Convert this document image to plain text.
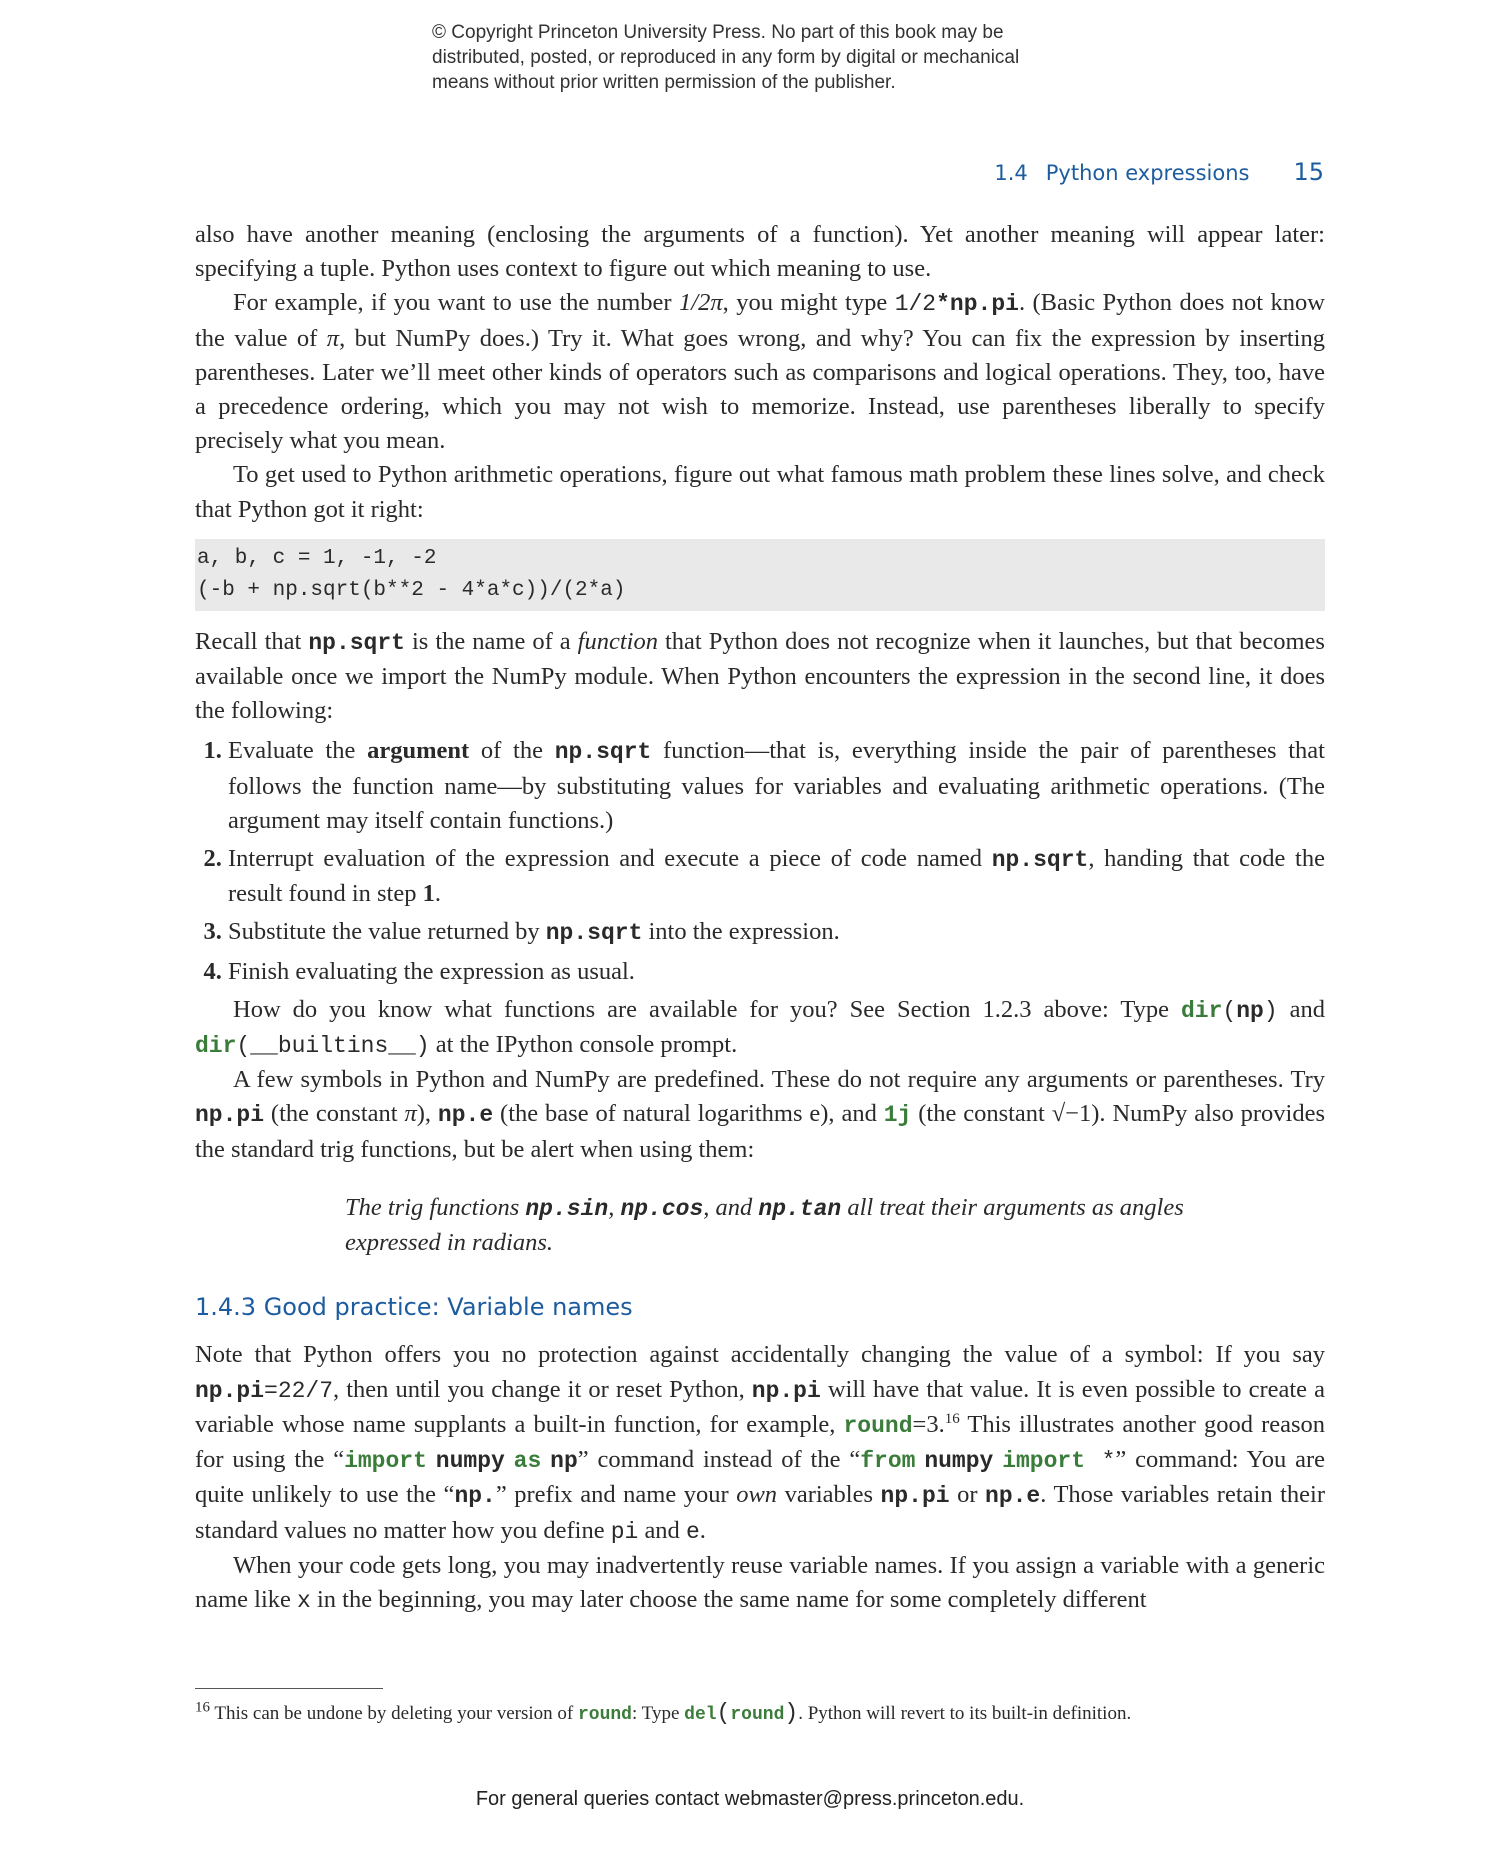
© Copyright Princeton University Press. No part of this book may be
distributed, posted, or reproduced in any form by digital or mechanical
means without prior written permission of the publisher.
1.4 Python expressions 15

also have another meaning (enclosing the arguments of a function). Yet another meaning will appear later: specifying a tuple. Python uses context to figure out which meaning to use.

For example, if you want to use the number 1/2π, you might type 1/2*np.pi. (Basic Python does not know the value of π, but NumPy does.) Try it. What goes wrong, and why? You can fix the expression by inserting parentheses. Later we’ll meet other kinds of operators such as comparisons and logical operations. They, too, have a precedence ordering, which you may not wish to memorize. Instead, use parentheses liberally to specify precisely what you mean.

To get used to Python arithmetic operations, figure out what famous math problem these lines solve, and check that Python got it right:

a, b, c = 1, -1, -2
(-b + np.sqrt(b**2 - 4*a*c))/(2*a)

Recall that np.sqrt is the name of a function that Python does not recognize when it launches, but that becomes available once we import the NumPy module. When Python encounters the expression in the second line, it does the following:

1. Evaluate the argument of the np.sqrt function—that is, everything inside the pair of parentheses that follows the function name—by substituting values for variables and evaluating arithmetic operations. (The argument may itself contain functions.)
2. Interrupt evaluation of the expression and execute a piece of code named np.sqrt, handing that code the result found in step 1.
3. Substitute the value returned by np.sqrt into the expression.
4. Finish evaluating the expression as usual.

How do you know what functions are available for you? See Section 1.2.3 above: Type dir(np) and dir(__builtins__) at the IPython console prompt.

A few symbols in Python and NumPy are predefined. These do not require any arguments or parentheses. Try np.pi (the constant π), np.e (the base of natural logarithms e), and 1j (the constant √−1). NumPy also provides the standard trig functions, but be alert when using them:

The trig functions np.sin, np.cos, and np.tan all treat their arguments as angles expressed in radians.

1.4.3 Good practice: Variable names

Note that Python offers you no protection against accidentally changing the value of a symbol: If you say np.pi=22/7, then until you change it or reset Python, np.pi will have that value. It is even possible to create a variable whose name supplants a built-in function, for example, round=3.16 This illustrates another good reason for using the “import numpy as np” command instead of the “from numpy import *” command: You are quite unlikely to use the “np.” prefix and name your own variables np.pi or np.e. Those variables retain their standard values no matter how you define pi and e.

When your code gets long, you may inadvertently reuse variable names. If you assign a variable with a generic name like x in the beginning, you may later choose the same name for some completely different

$^{16}$ This can be undone by deleting your version of round: Type del(round). Python will revert to its built-in definition.
For general queries contact webmaster@press.princeton.edu.
